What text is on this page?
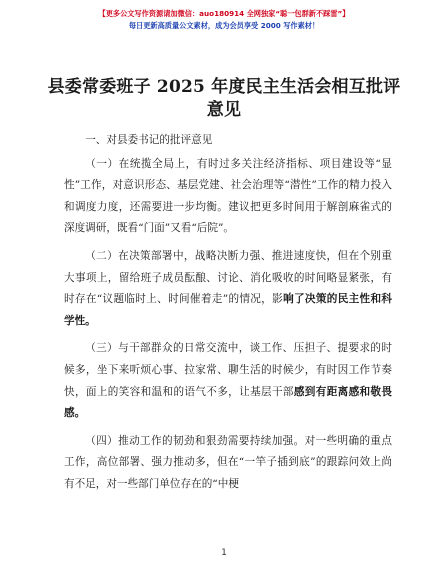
【更多公文写作资源请加微信：auo180914 全网独家“聪一包群新不踩雷”】
每日更新高质量公文素材，成为会员享受 2000 写作素材！
县委常委班子 2025 年度民主生活会相互批评意见

一、对县委书记的批评意见

（一）在统揽全局上，有时过多关注经济指标、项目建设等“显性”工作，对意识形态、基层党建、社会治理等“潜性”工作的精力投入和调度力度，还需要进一步均衡。建议把更多时间用于解剖麻雀式的深度调研，既看“门面”又看“后院”。

（二）在决策部署中，战略决断力强、推进速度快，但在个别重大事项上，留给班子成员酝酿、讨论、消化吸收的时间略显紧张，有时存在“议题临时上、时间催着走”的情况，影响了决策的民主性和科学性。

（三）与干部群众的日常交流中，谈工作、压担子、提要求的时候多，坐下来听烦心事、拉家常、聊生活的时候少，有时因工作节奏快，面上的笑容和温和的语气不多，让基层干部感到有距离感和敬畏感。

（四）推动工作的韧劲和狠劲需要持续加强。对一些明确的重点工作，高位部署、强力推动多，但在“一竿子插到底”的跟踪问效上尚有不足，对一些部门单位存在的“中梗

1
